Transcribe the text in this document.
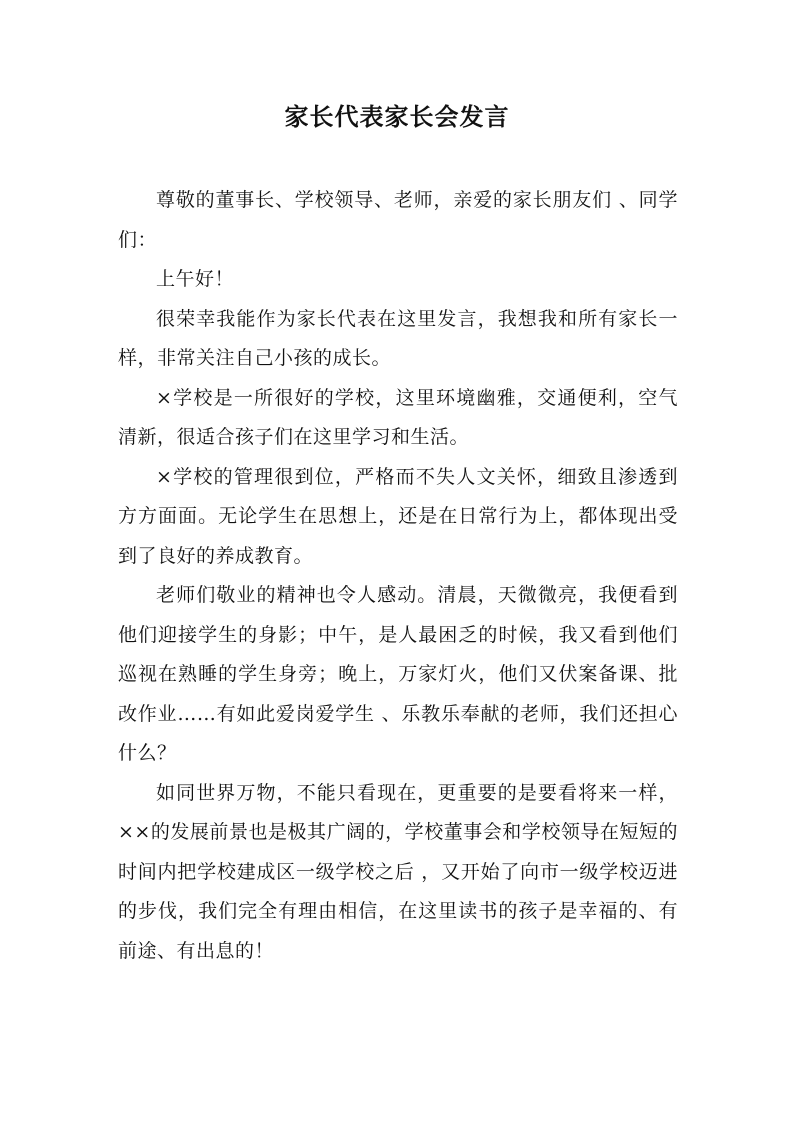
家长代表家长会发言

尊敬的董事长、学校领导、老师，亲爱的家长朋友们 、同学们：

上午好！

很荣幸我能作为家长代表在这里发言，我想我和所有家长一样，非常关注自己小孩的成长。

×学校是一所很好的学校，这里环境幽雅，交通便利，空气清新，很适合孩子们在这里学习和生活。

×学校的管理很到位，严格而不失人文关怀，细致且渗透到方方面面。无论学生在思想上，还是在日常行为上，都体现出受到了良好的养成教育。

老师们敬业的精神也令人感动。清晨，天微微亮，我便看到他们迎接学生的身影；中午，是人最困乏的时候，我又看到他们巡视在熟睡的学生身旁；晚上，万家灯火，他们又伏案备课、批改作业……有如此爱岗爱学生 、乐教乐奉献的老师，我们还担心什么？

如同世界万物，不能只看现在，更重要的是要看将来一样，××的发展前景也是极其广阔的，学校董事会和学校领导在短短的时间内把学校建成区一级学校之后 ，又开始了向市一级学校迈进的步伐，我们完全有理由相信，在这里读书的孩子是幸福的、有前途、有出息的！
